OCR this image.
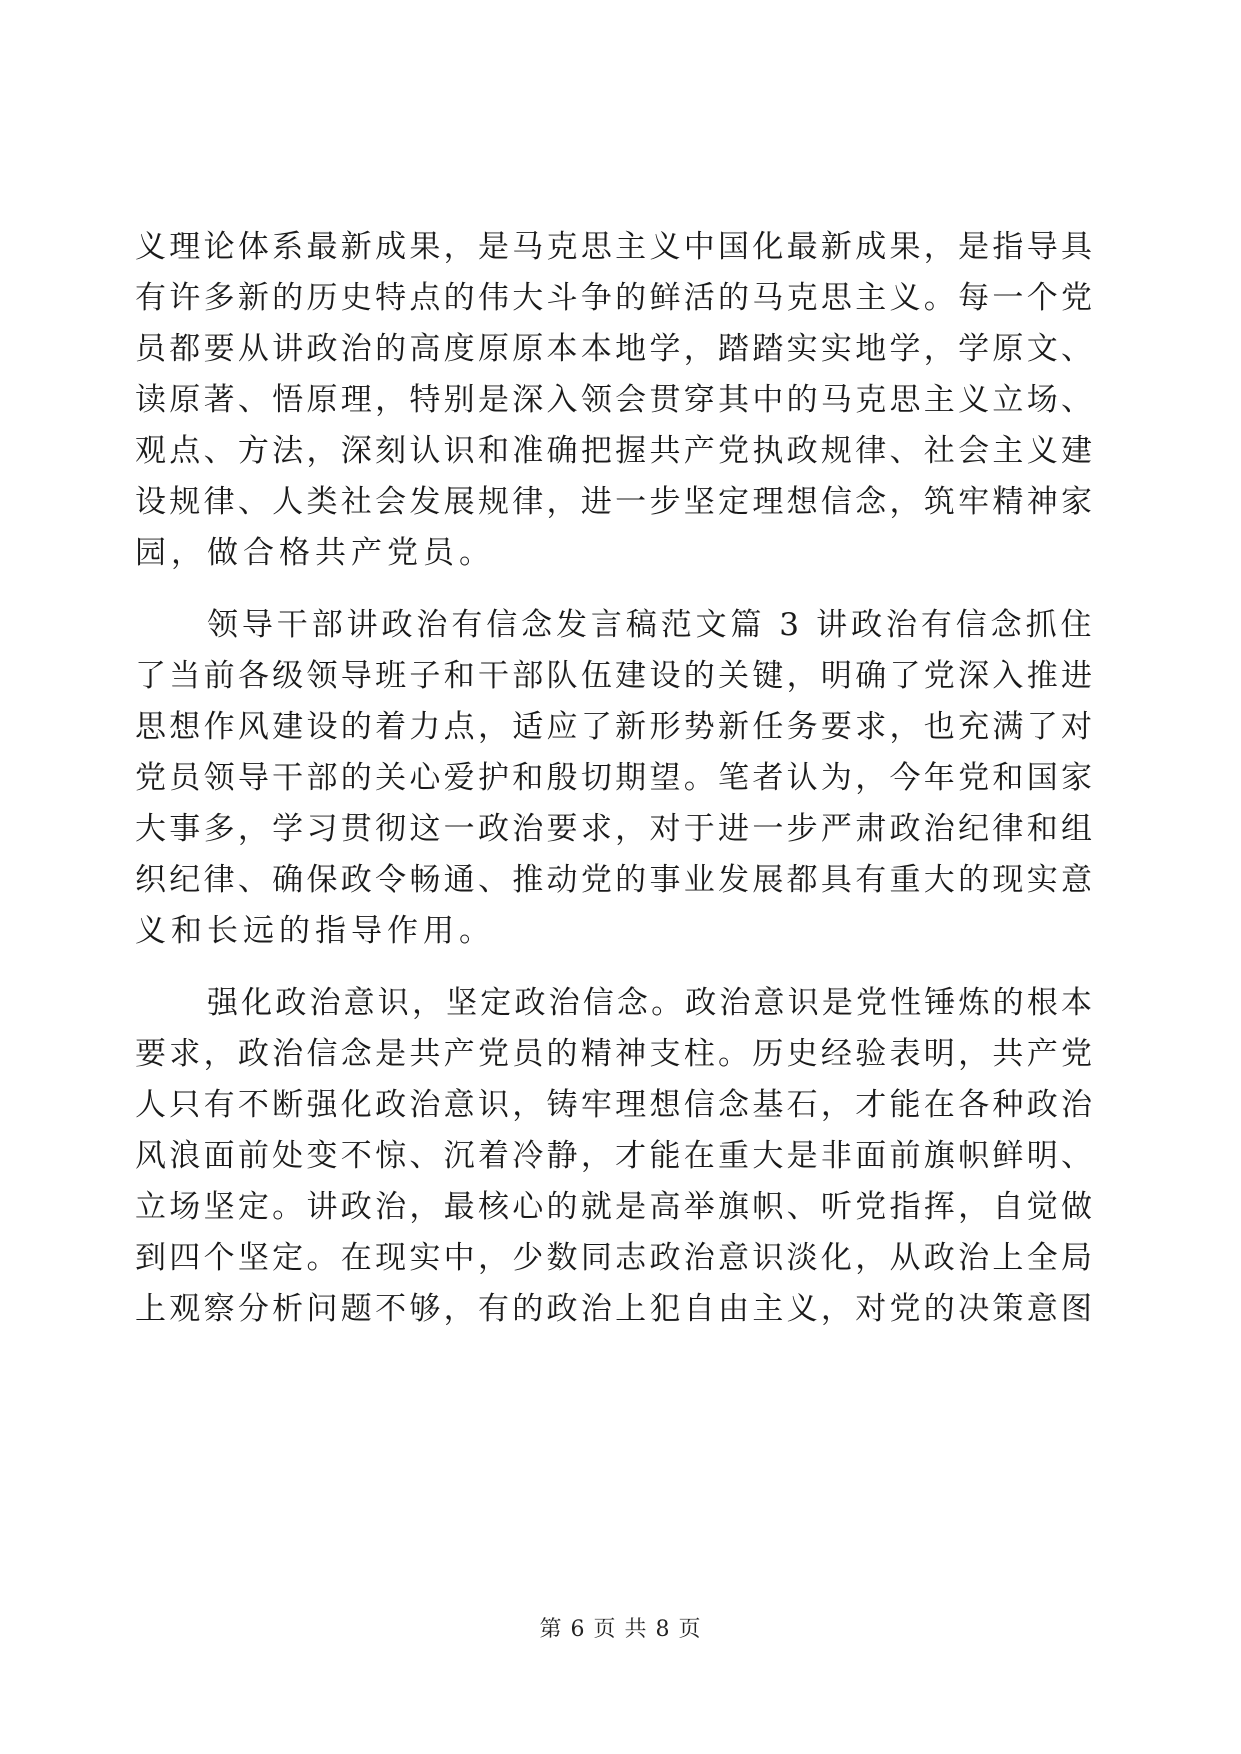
义理论体系最新成果，是马克思主义中国化最新成果，是指导具
有许多新的历史特点的伟大斗争的鲜活的马克思主义。每一个党
员都要从讲政治的高度原原本本地学，踏踏实实地学，学原文、
读原著、悟原理，特别是深入领会贯穿其中的马克思主义立场、
观点、方法，深刻认识和准确把握共产党执政规律、社会主义建
设规律、人类社会发展规律，进一步坚定理想信念，筑牢精神家
园，做合格共产党员。
领导干部讲政治有信念发言稿范文篇 3 讲政治有信念抓住
了当前各级领导班子和干部队伍建设的关键，明确了党深入推进
思想作风建设的着力点，适应了新形势新任务要求，也充满了对
党员领导干部的关心爱护和殷切期望。笔者认为，今年党和国家
大事多，学习贯彻这一政治要求，对于进一步严肃政治纪律和组
织纪律、确保政令畅通、推动党的事业发展都具有重大的现实意
义和长远的指导作用。
强化政治意识，坚定政治信念。政治意识是党性锤炼的根本
要求，政治信念是共产党员的精神支柱。历史经验表明，共产党
人只有不断强化政治意识，铸牢理想信念基石，才能在各种政治
风浪面前处变不惊、沉着冷静，才能在重大是非面前旗帜鲜明、
立场坚定。讲政治，最核心的就是高举旗帜、听党指挥，自觉做
到四个坚定。在现实中，少数同志政治意识淡化，从政治上全局
上观察分析问题不够，有的政治上犯自由主义，对党的决策意图
第 6 页 共 8 页
